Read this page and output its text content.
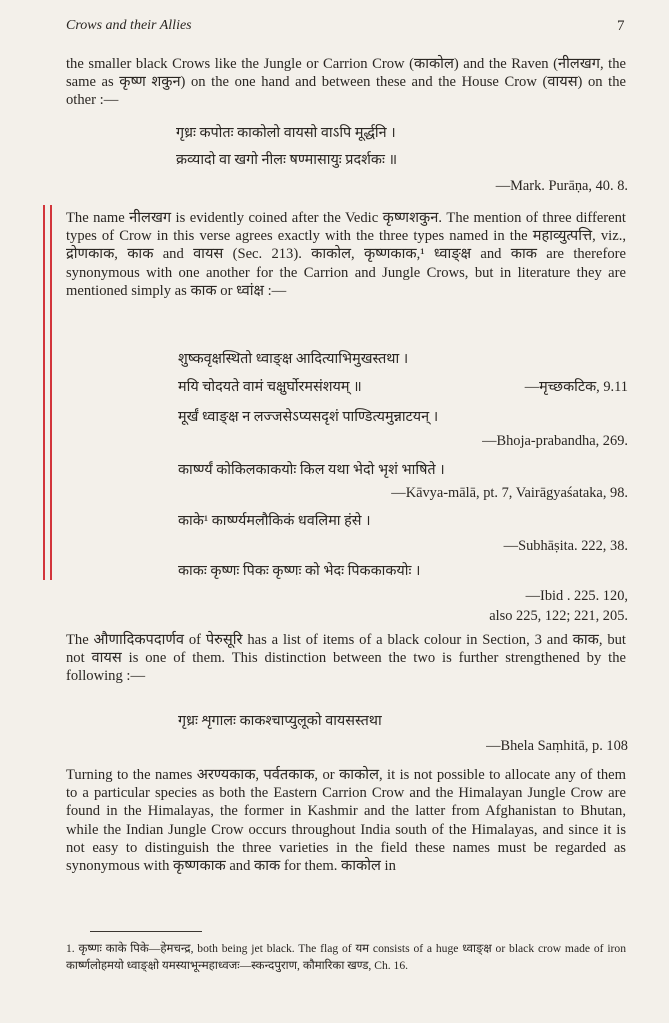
Crows and their Allies	7

the smaller black Crows like the Jungle or Carrion Crow (काकोल) and the Raven (नीलखग, the same as कृष्ण शकुन) on the one hand and between these and the House Crow (वायस) on the other :—

गृध्रः कपोतः काकोलो वायसो वाऽपि मूर्द्धनि ।

क्रव्यादो वा खगो नीलः षण्मासायुः प्रदर्शकः ॥

—Mark. Purāṇa, 40. 8.

The name नीलखग is evidently coined after the Vedic कृष्णशकुन. The mention of three different types of Crow in this verse agrees exactly with the three types named in the महाव्युत्पत्ति, viz., द्रोणकाक, काक and वायस (Sec. 213). काकोल, कृष्णकाक,¹ ध्वाङ्क्ष and काक are therefore synonymous with one another for the Carrion and Jungle Crows, but in literature they are mentioned simply as काक or ध्वांक्ष :—

शुष्कवृक्षस्थितो ध्वाङ्क्ष आदित्याभिमुखस्तथा ।

मयि चोदयते वामं चक्षुर्घोरमसंशयम् ॥	—मृच्छकटिक, 9.11

मूर्खं ध्वाङ्क्ष न लज्जसेऽप्यसदृशं पाण्डित्यमुन्नाटयन् ।

—Bhoja-prabandha, 269.

कार्ष्ण्यं कोकिलकाकयोः किल यथा भेदो भृशं भाषिते ।

—Kāvya-mālā, pt. 7, Vairāgyaśataka, 98.

काके¹ कार्ष्ण्यमलौकिकं धवलिमा हंसे ।

—Subhāṣita. 222, 38.

काकः कृष्णः पिकः कृष्णः को भेदः पिककाकयोः ।

—Ibid . 225. 120,

also 225, 122; 221, 205.

The औणादिकपदार्णव of पेरुसूरि has a list of items of a black colour in Section, 3 and काक, but not वायस is one of them. This distinction between the two is further strengthened by the following :—

गृध्रः शृगालः काकश्चाप्युलूको वायसस्तथा

—Bhela Saṃhitā, p. 108

Turning to the names अरण्यकाक, पर्वतकाक, or काकोल, it is not possible to allocate any of them to a particular species as both the Eastern Carrion Crow and the Himalayan Jungle Crow are found in the Himalayas, the former in Kashmir and the latter from Afghanistan to Bhutan, while the Indian Jungle Crow occurs throughout India south of the Himalayas, and since it is not easy to distinguish the three varieties in the field these names must be regarded as synonymous with कृष्णकाक and काक for them. काकोल in

1. कृष्णः काके पिके—हेमचन्द्र, both being jet black. The flag of यम consists of a huge ध्वाङ्क्ष or black crow made of iron कार्ष्णलोहमयो ध्वाङ्क्षो यमस्याभून्महाध्वजः—स्कन्दपुराण, कौमारिका खण्ड, Ch. 16.
